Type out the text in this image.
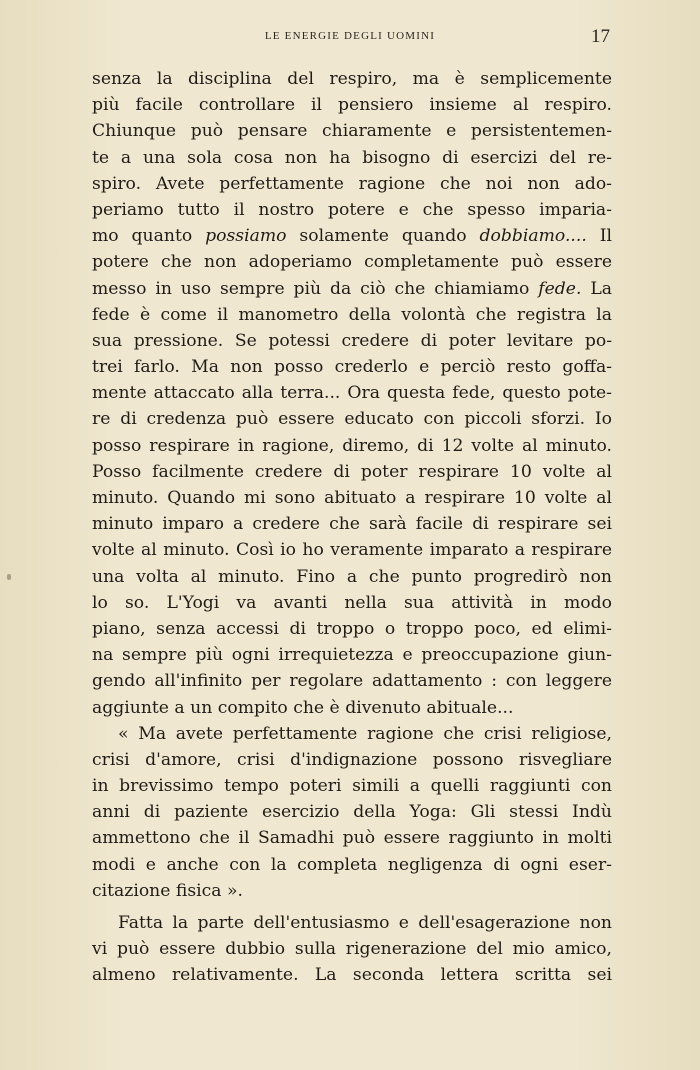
LE ENERGIE DEGLI UOMINI	17
senza la disciplina del respiro, ma è semplicemente
più facile controllare il pensiero insieme al respiro.
Chiunque può pensare chiaramente e persistentemen-
te a una sola cosa non ha bisogno di esercizi del re-
spiro. Avete perfettamente ragione che noi non ado-
periamo tutto il nostro potere e che spesso imparia-
mo quanto possiamo solamente quando dobbiamo.... Il
potere che non adoperiamo completamente può essere
messo in uso sempre più da ciò che chiamiamo fede. La
fede è come il manometro della volontà che registra la
sua pressione. Se potessi credere di poter levitare po-
trei farlo. Ma non posso crederlo e perciò resto goffa-
mente attaccato alla terra... Ora questa fede, questo pote-
re di credenza può essere educato con piccoli sforzi. Io
posso respirare in ragione, diremo, di 12 volte al minuto.
Posso facilmente credere di poter respirare 10 volte al
minuto. Quando mi sono abituato a respirare 10 volte al
minuto imparo a credere che sarà facile di respirare sei
volte al minuto. Così io ho veramente imparato a respirare
una volta al minuto. Fino a che punto progredirò non
lo so. L'Yogi va avanti nella sua attività in modo
piano, senza accessi di troppo o troppo poco, ed elimi-
na sempre più ogni irrequietezza e preoccupazione giun-
gendo all'infinito per regolare adattamento : con leggere
aggiunte a un compito che è divenuto abituale...
« Ma avete perfettamente ragione che crisi religiose,
crisi d'amore, crisi d'indignazione possono risvegliare
in brevissimo tempo poteri simili a quelli raggiunti con
anni di paziente esercizio della Yoga: Gli stessi Indù
ammettono che il Samadhi può essere raggiunto in molti
modi e anche con la completa negligenza di ogni eser-
citazione fisica ».
Fatta la parte dell'entusiasmo e dell'esagerazione non
vi può essere dubbio sulla rigenerazione del mio amico,
almeno relativamente. La seconda lettera scritta sei
